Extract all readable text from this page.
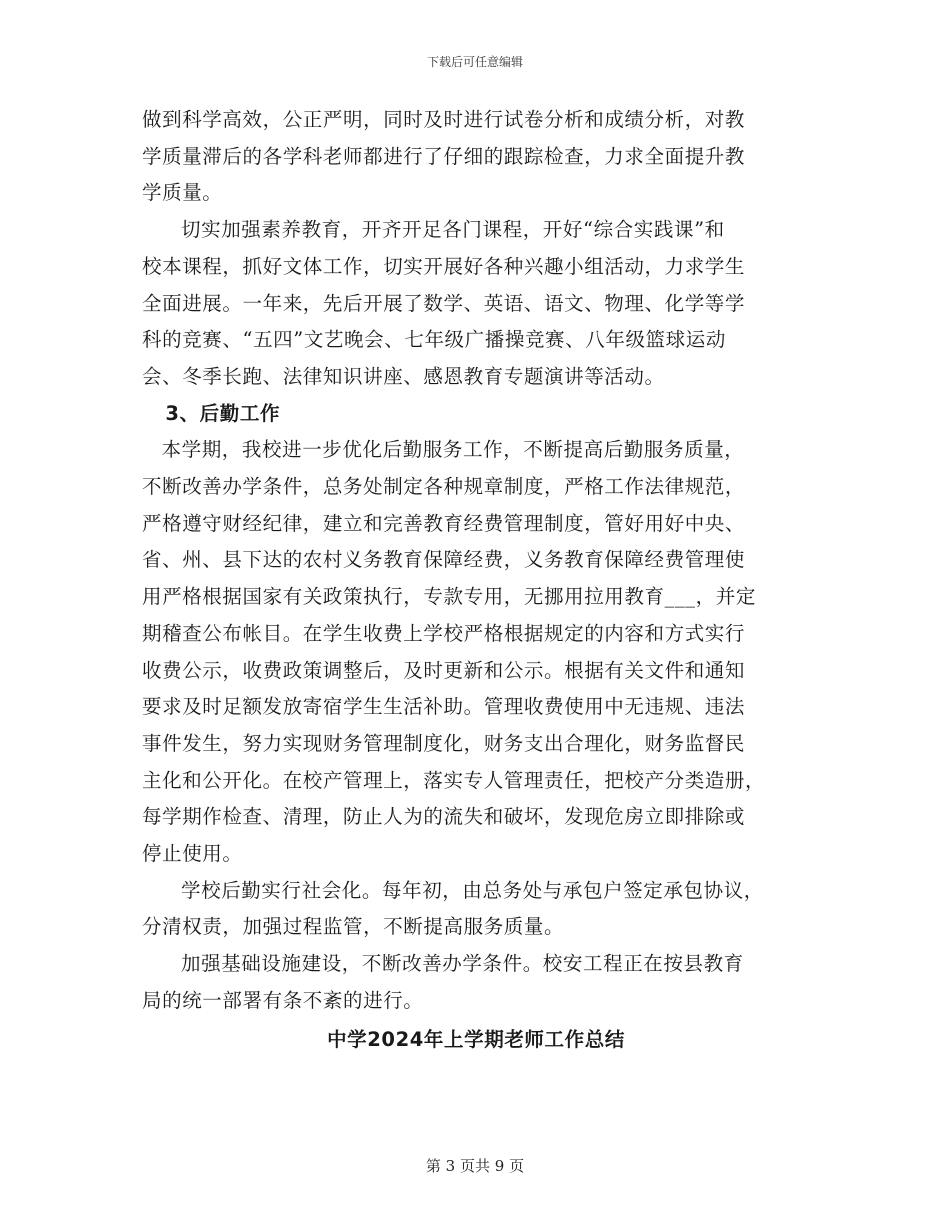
下载后可任意编辑

做到科学高效，公正严明，同时及时进行试卷分析和成绩分析，对教
学质量滞后的各学科老师都进行了仔细的跟踪检查，力求全面提升教
学质量。

切实加强素养教育，开齐开足各门课程，开好“综合实践课”和
校本课程，抓好文体工作，切实开展好各种兴趣小组活动，力求学生
全面进展。一年来，先后开展了数学、英语、语文、物理、化学等学
科的竞赛、“五四”文艺晚会、七年级广播操竞赛、八年级篮球运动
会、冬季长跑、法律知识讲座、感恩教育专题演讲等活动。

3、后勤工作

本学期，我校进一步优化后勤服务工作，不断提高后勤服务质量，
不断改善办学条件，总务处制定各种规章制度，严格工作法律规范，
严格遵守财经纪律，建立和完善教育经费管理制度，管好用好中央、
省、州、县下达的农村义务教育保障经费，义务教育保障经费管理使
用严格根据国家有关政策执行，专款专用，无挪用拉用教育___，并定
期稽查公布帐目。在学生收费上学校严格根据规定的内容和方式实行
收费公示，收费政策调整后，及时更新和公示。根据有关文件和通知
要求及时足额发放寄宿学生生活补助。管理收费使用中无违规、违法
事件发生，努力实现财务管理制度化，财务支出合理化，财务监督民
主化和公开化。在校产管理上，落实专人管理责任，把校产分类造册，
每学期作检查、清理，防止人为的流失和破坏，发现危房立即排除或
停止使用。

学校后勤实行社会化。每年初，由总务处与承包户签定承包协议，
分清权责，加强过程监管，不断提高服务质量。

加强基础设施建设，不断改善办学条件。校安工程正在按县教育
局的统一部署有条不紊的进行。

中学2024年上学期老师工作总结
第 3 页共 9 页
